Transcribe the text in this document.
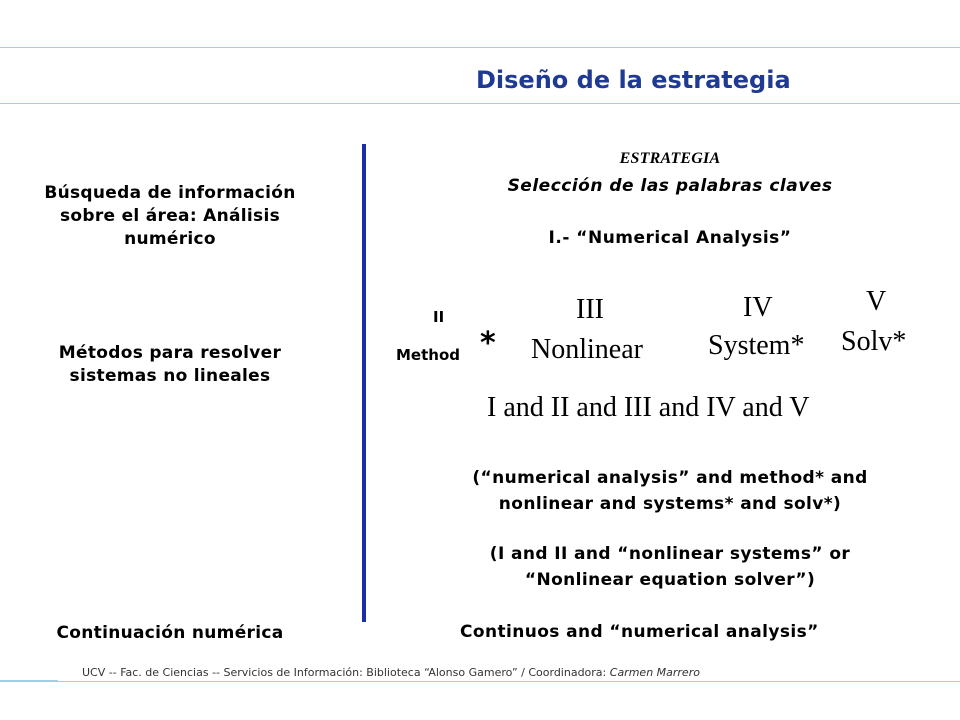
Diseño de la estrategia
Búsqueda de información sobre el área: Análisis numérico
Métodos para resolver sistemas no lineales
Continuación numérica
ESTRATEGIA
Selección de las palabras claves
I.- “Numerical Analysis”
II
Method *
III
Nonlinear
IV
System*
V
Solv*
I and II and III and IV and V
(“numerical analysis” and method* and
nonlinear and systems* and solv*)
(I and II and “nonlinear systems” or
“Nonlinear equation solver”)
Continuos and “numerical analysis”
UCV -- Fac. de Ciencias -- Servicios de Información: Biblioteca “Alonso Gamero” / Coordinadora: Carmen Marrero
